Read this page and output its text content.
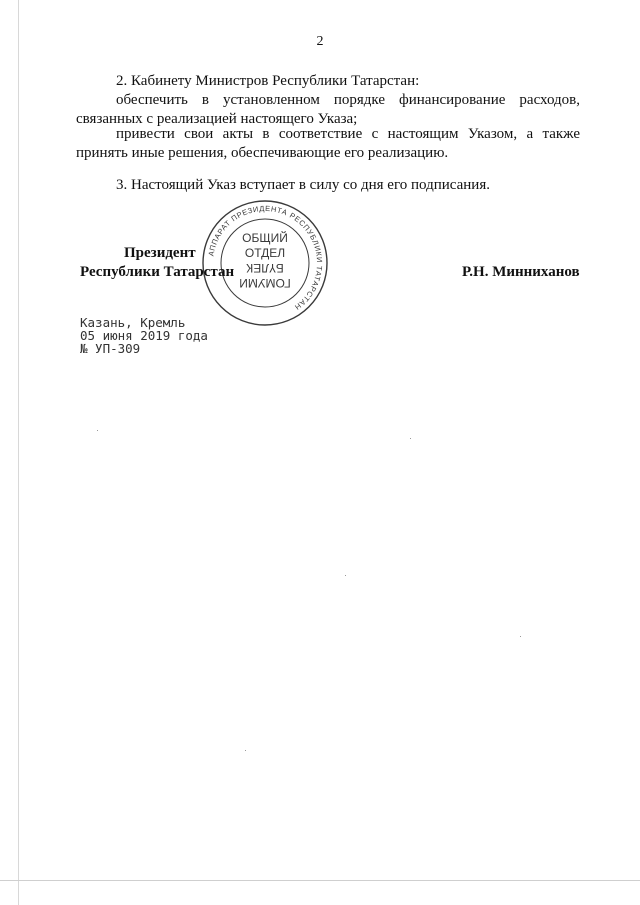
2
2. Кабинету Министров Республики Татарстан:
обеспечить в установленном порядке финансирование расходов,
связанных с реализацией настоящего Указа;
привести свои акты в соответствие с настоящим Указом, а также
принять иные решения, обеспечивающие его реализацию.
3. Настоящий Указ вступает в силу со дня его подписания.
АППАРАТ ПРЕЗИДЕНТА РЕСПУБЛИКИ ТАТАРСТАН
ОБЩИЙ
ОТДЕЛ
БҮЛЕК
ГОМУМИ
Президент
Республики Татарстан	Р.Н. Минниханов
Казань, Кремль
05 июня 2019 года
№ УП-309
